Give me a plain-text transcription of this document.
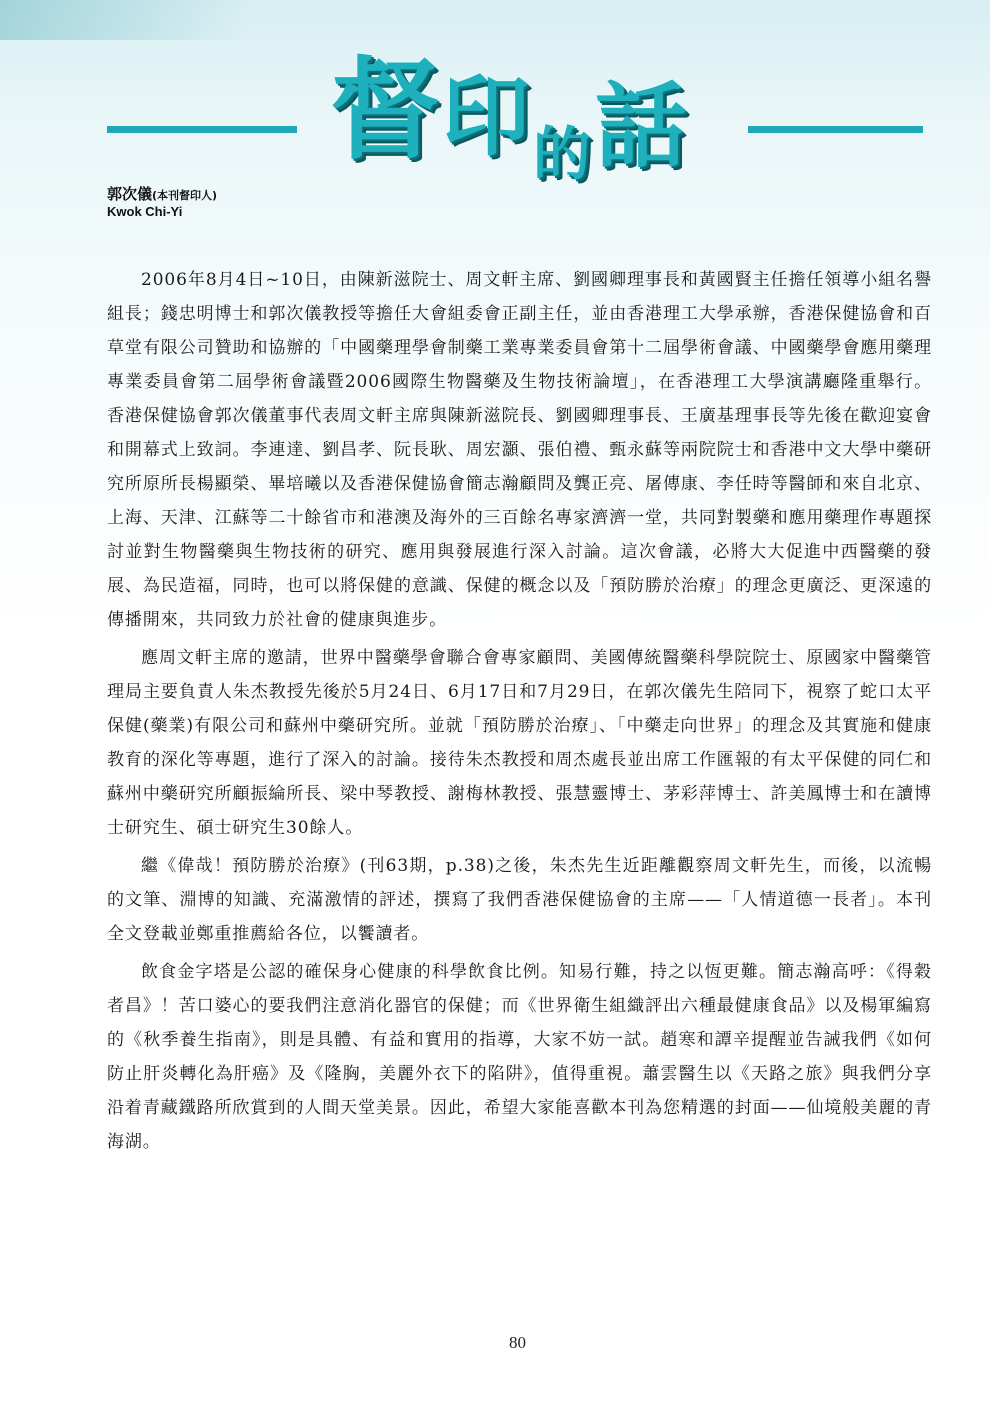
督 印 的 話
郭次儀(本刊督印人)
Kwok Chi-Yi

2006年8月4日~10日，由陳新滋院士、周文軒主席、劉國卿理事長和黃國賢主任擔任領導小組名譽組長；錢忠明博士和郭次儀教授等擔任大會組委會正副主任，並由香港理工大學承辦，香港保健協會和百草堂有限公司贊助和協辦的「中國藥理學會制藥工業專業委員會第十二屆學術會議、中國藥學會應用藥理專業委員會第二屆學術會議暨2006國際生物醫藥及生物技術論壇」，在香港理工大學演講廳隆重舉行。香港保健協會郭次儀董事代表周文軒主席與陳新滋院長、劉國卿理事長、王廣基理事長等先後在歡迎宴會和開幕式上致詞。李連達、劉昌孝、阮長耿、周宏灝、張伯禮、甄永蘇等兩院院士和香港中文大學中藥研究所原所長楊顯榮、畢培曦以及香港保健協會簡志瀚顧問及龔正亮、屠傳康、李任時等醫師和來自北京、上海、天津、江蘇等二十餘省市和港澳及海外的三百餘名專家濟濟一堂，共同對製藥和應用藥理作專題探討並對生物醫藥與生物技術的研究、應用與發展進行深入討論。這次會議，必將大大促進中西醫藥的發展、為民造福，同時，也可以將保健的意識、保健的概念以及「預防勝於治療」的理念更廣泛、更深遠的傳播開來，共同致力於社會的健康與進步。

應周文軒主席的邀請，世界中醫藥學會聯合會專家顧問、美國傳統醫藥科學院院士、原國家中醫藥管理局主要負責人朱杰教授先後於5月24日、6月17日和7月29日，在郭次儀先生陪同下，視察了蛇口太平保健(藥業)有限公司和蘇州中藥研究所。並就「預防勝於治療」、「中藥走向世界」的理念及其實施和健康教育的深化等專題，進行了深入的討論。接待朱杰教授和周杰處長並出席工作匯報的有太平保健的同仁和蘇州中藥研究所顧振綸所長、梁中琴教授、謝梅林教授、張慧靈博士、茅彩萍博士、許美鳳博士和在讀博士研究生、碩士研究生30餘人。

繼《偉哉！預防勝於治療》(刊63期，p.38)之後，朱杰先生近距離觀察周文軒先生，而後，以流暢的文筆、淵博的知識、充滿激情的評述，撰寫了我們香港保健協會的主席——「人情道德一長者」。本刊全文登載並鄭重推薦給各位，以饗讀者。

飲食金字塔是公認的確保身心健康的科學飲食比例。知易行難，持之以恆更難。簡志瀚高呼：《得穀者昌》！苦口婆心的要我們注意消化器官的保健；而《世界衛生組織評出六種最健康食品》以及楊軍編寫的《秋季養生指南》，則是具體、有益和實用的指導，大家不妨一試。趙寒和譚辛提醒並告誡我們《如何防止肝炎轉化為肝癌》及《隆胸，美麗外衣下的陷阱》，值得重視。蕭雲醫生以《天路之旅》與我們分享沿着青藏鐵路所欣賞到的人間天堂美景。因此，希望大家能喜歡本刊為您精選的封面——仙境般美麗的青海湖。

80
